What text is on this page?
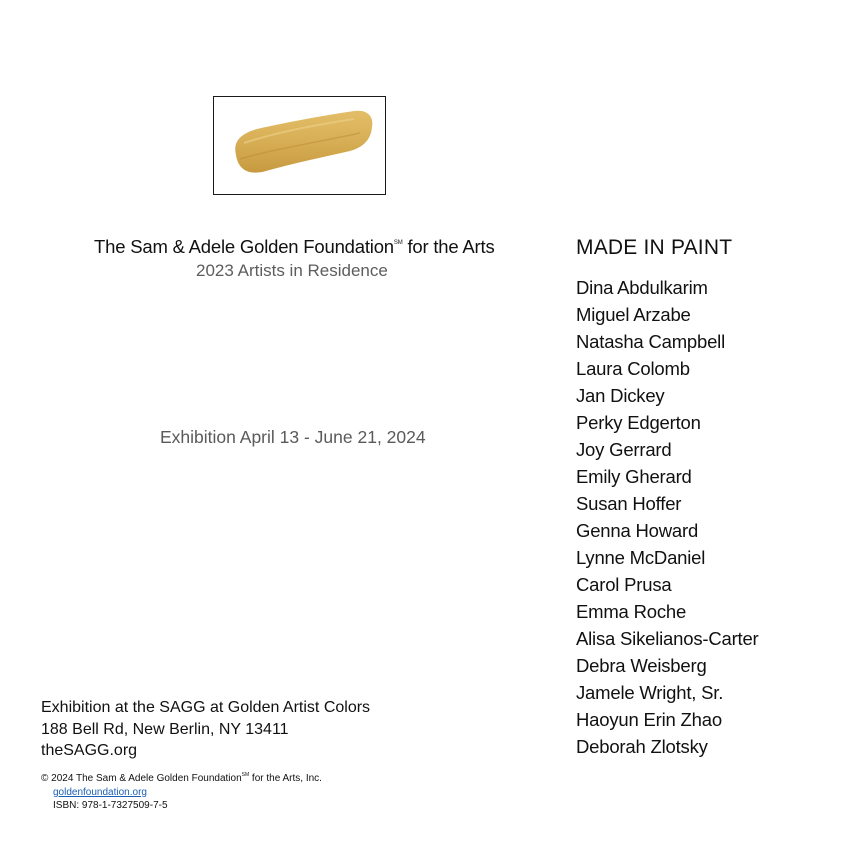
The Sam & Adele Golden Foundation℠ for the Arts
2023 Artists in Residence
Exhibition April 13 - June 21, 2024
Exhibition at the SAGG at Golden Artist Colors
188 Bell Rd, New Berlin, NY 13411
theSAGG.org
© 2024 The Sam & Adele Golden Foundation℠ for the Arts, Inc.
goldenfoundation.org
ISBN: 978-1-7327509-7-5
MADE IN PAINT
Dina Abdulkarim
Miguel Arzabe
Natasha Campbell
Laura Colomb
Jan Dickey
Perky Edgerton
Joy Gerrard
Emily Gherard
Susan Hoffer
Genna Howard
Lynne McDaniel
Carol Prusa
Emma Roche
Alisa Sikelianos-Carter
Debra Weisberg
Jamele Wright, Sr.
Haoyun Erin Zhao
Deborah Zlotsky
